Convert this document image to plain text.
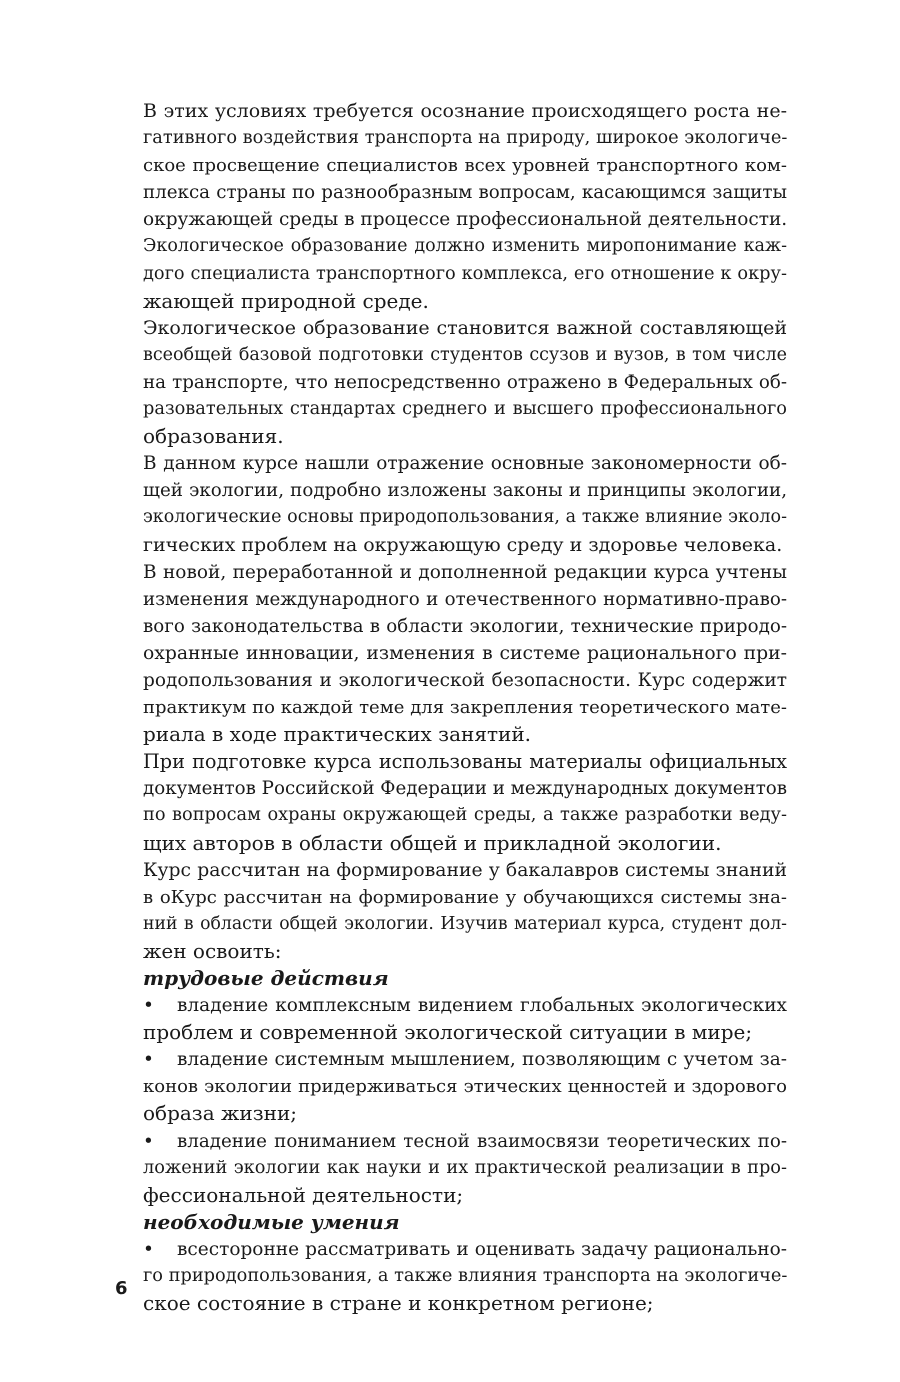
В этих условиях требуется осознание происходящего роста не-
гативного воздействия транспорта на природу, широкое экологиче-
ское просвещение специалистов всех уровней транспортного ком-
плекса страны по разнообразным вопросам, касающимся защиты
окружающей среды в процессе профессиональной деятельности.
Экологическое образование должно изменить миропонимание каж-
дого специалиста транспортного комплекса, его отношение к окру-
жающей природной среде.
Экологическое образование становится важной составляющей
всеобщей базовой подготовки студентов ссузов и вузов, в том числе
на транспорте, что непосредственно отражено в Федеральных об-
разовательных стандартах среднего и высшего профессионального
образования.
В данном курсе нашли отражение основные закономерности об-
щей экологии, подробно изложены законы и принципы экологии,
экологические основы природопользования, а также влияние эколо-
гических проблем на окружающую среду и здоровье человека.
В новой, переработанной и дополненной редакции курса учтены
изменения международного и отечественного нормативно-право-
вого законодательства в области экологии, технические природо-
охранные инновации, изменения в системе рационального при-
родопользования и экологической безопасности. Курс содержит
практикум по каждой теме для закрепления теоретического мате-
риала в ходе практических занятий.
При подготовке курса использованы материалы официальных
документов Российской Федерации и международных документов
по вопросам охраны окружающей среды, а также разработки веду-
щих авторов в области общей и прикладной экологии.
Курс рассчитан на формирование у бакалавров системы знаний
в оКурс рассчитан на формирование у обучающихся системы зна-
ний в области общей экологии. Изучив материал курса, студент дол-
жен освоить:
трудовые действия
• владение комплексным видением глобальных экологических
проблем и современной экологической ситуации в мире;
• владение системным мышлением, позволяющим с учетом за-
конов экологии придерживаться этических ценностей и здорового
образа жизни;
• владение пониманием тесной взаимосвязи теоретических по-
ложений экологии как науки и их практической реализации в про-
фессиональной деятельности;
необходимые умения
• всесторонне рассматривать и оценивать задачу рационально-
го природопользования, а также влияния транспорта на экологиче-
ское состояние в стране и конкретном регионе;
6
